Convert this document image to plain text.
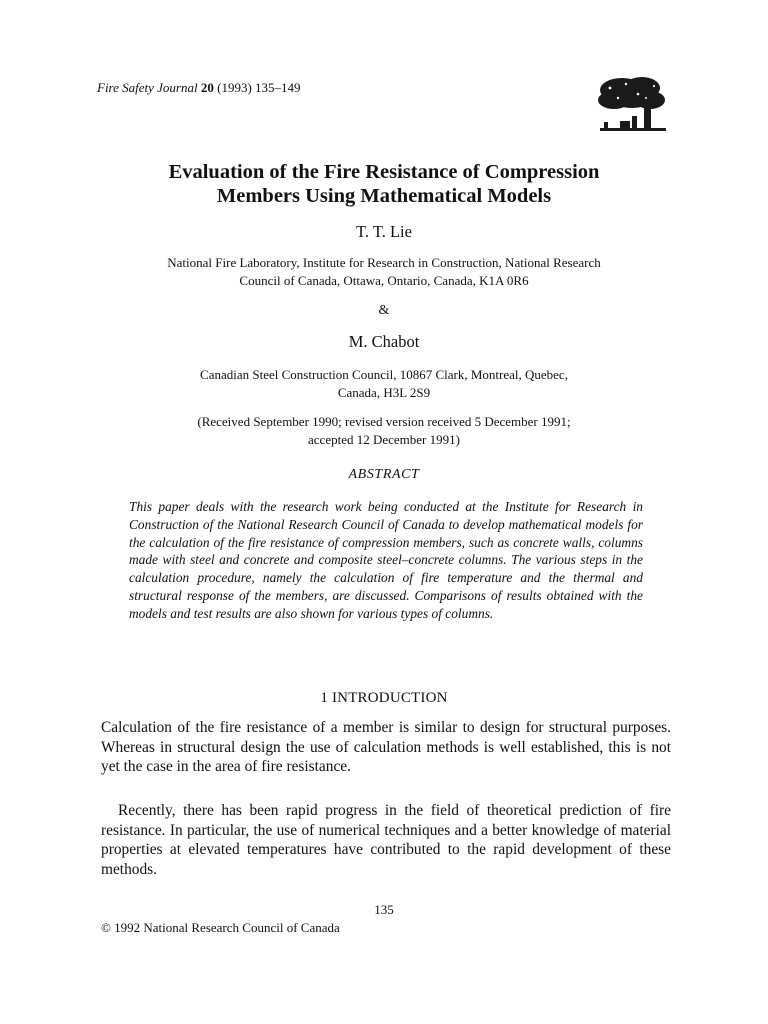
Fire Safety Journal 20 (1993) 135–149
Evaluation of the Fire Resistance of Compression
Members Using Mathematical Models
T. T. Lie
National Fire Laboratory, Institute for Research in Construction, National Research
Council of Canada, Ottawa, Ontario, Canada, K1A 0R6
&
M. Chabot
Canadian Steel Construction Council, 10867 Clark, Montreal, Quebec,
Canada, H3L 2S9
(Received September 1990; revised version received 5 December 1991;
accepted 12 December 1991)
ABSTRACT
This paper deals with the research work being conducted at the Institute for Research in Construction of the National Research Council of Canada to develop mathematical models for the calculation of the fire resistance of compression members, such as concrete walls, columns made with steel and concrete and composite steel–concrete columns. The various steps in the calculation procedure, namely the calculation of fire temperature and the thermal and structural response of the members, are discussed. Comparisons of results obtained with the models and test results are also shown for various types of columns.
1 INTRODUCTION
Calculation of the fire resistance of a member is similar to design for structural purposes. Whereas in structural design the use of calculation methods is well established, this is not yet the case in the area of fire resistance.
Recently, there has been rapid progress in the field of theoretical prediction of fire resistance. In particular, the use of numerical techniques and a better knowledge of material properties at elevated temperatures have contributed to the rapid development of these methods.
135
© 1992 National Research Council of Canada
